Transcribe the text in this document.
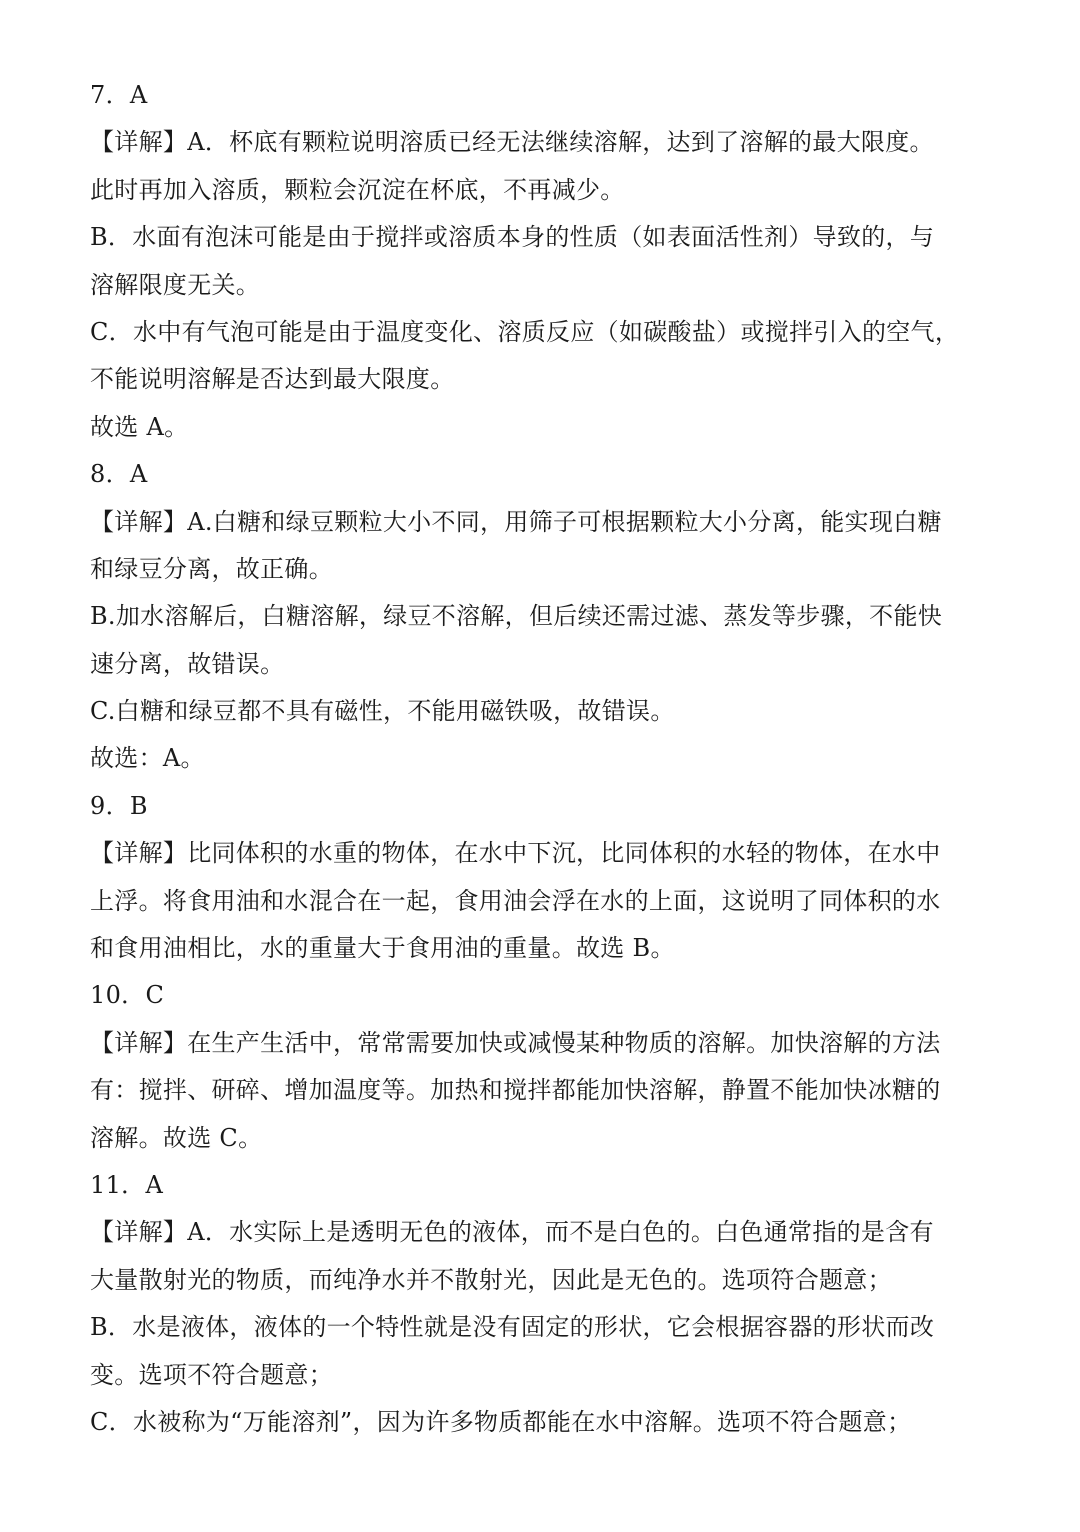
7．A
【详解】A．杯底有颗粒说明溶质已经无法继续溶解，达到了溶解的最大限度。
此时再加入溶质，颗粒会沉淀在杯底，不再减少。
B．水面有泡沫可能是由于搅拌或溶质本身的性质（如表面活性剂）导致的，与
溶解限度无关。
C．水中有气泡可能是由于温度变化、溶质反应（如碳酸盐）或搅拌引入的空气，
不能说明溶解是否达到最大限度。
故选 A。
8．A
【详解】A.白糖和绿豆颗粒大小不同，用筛子可根据颗粒大小分离，能实现白糖
和绿豆分离，故正确。
B.加水溶解后，白糖溶解，绿豆不溶解，但后续还需过滤、蒸发等步骤，不能快
速分离，故错误。
C.白糖和绿豆都不具有磁性，不能用磁铁吸，故错误。
故选：A。
9．B
【详解】比同体积的水重的物体，在水中下沉，比同体积的水轻的物体，在水中
上浮。将食用油和水混合在一起，食用油会浮在水的上面，这说明了同体积的水
和食用油相比，水的重量大于食用油的重量。故选 B。
10．C
【详解】在生产生活中，常常需要加快或减慢某种物质的溶解。加快溶解的方法
有：搅拌、研碎、增加温度等。加热和搅拌都能加快溶解，静置不能加快冰糖的
溶解。故选 C。
11．A
【详解】A．水实际上是透明无色的液体，而不是白色的。白色通常指的是含有
大量散射光的物质，而纯净水并不散射光，因此是无色的。选项符合题意；
B．水是液体，液体的一个特性就是没有固定的形状，它会根据容器的形状而改
变。选项不符合题意；
C．水被称为“万能溶剂”，因为许多物质都能在水中溶解。选项不符合题意；
